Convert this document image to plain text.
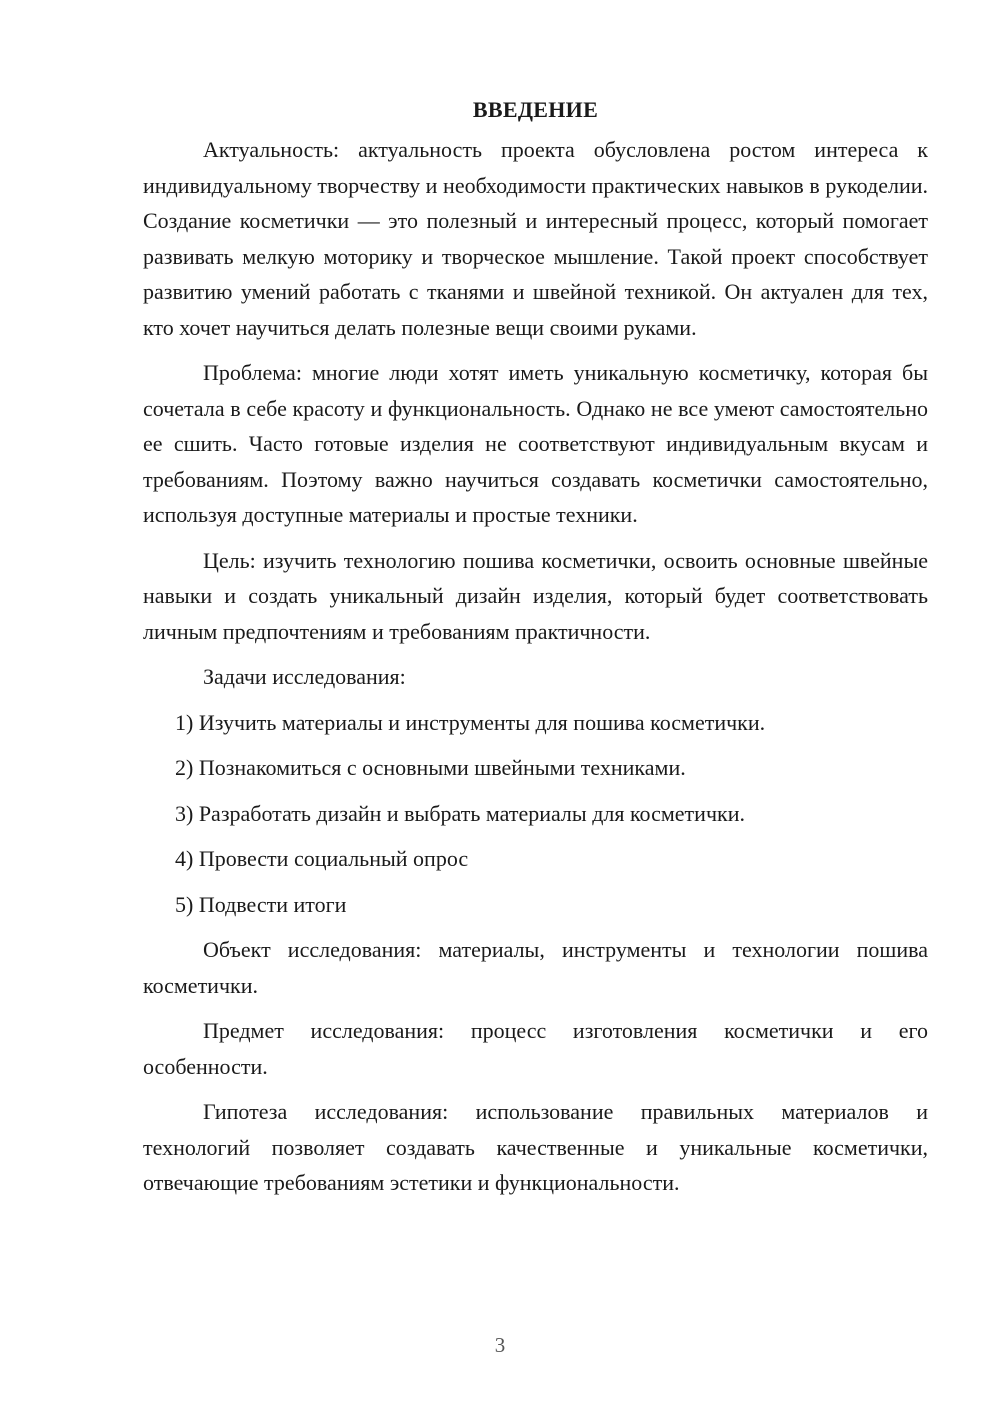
ВВЕДЕНИЕ

Актуальность: актуальность проекта обусловлена ростом интереса к индивидуальному творчеству и необходимости практических навыков в рукоделии. Создание косметички — это полезный и интересный процесс, который помогает развивать мелкую моторику и творческое мышление. Такой проект способствует развитию умений работать с тканями и швейной техникой. Он актуален для тех, кто хочет научиться делать полезные вещи своими руками.

Проблема: многие люди хотят иметь уникальную косметичку, которая бы сочетала в себе красоту и функциональность. Однако не все умеют самостоятельно ее сшить. Часто готовые изделия не соответствуют индивидуальным вкусам и требованиям. Поэтому важно научиться создавать косметички самостоятельно, используя доступные материалы и простые техники.

Цель: изучить технологию пошива косметички, освоить основные швейные навыки и создать уникальный дизайн изделия, который будет соответствовать личным предпочтениям и требованиям практичности.

Задачи исследования:
1) Изучить материалы и инструменты для пошива косметички.
2) Познакомиться с основными швейными техниками.
3) Разработать дизайн и выбрать материалы для косметички.
4) Провести социальный опрос
5) Подвести итоги

Объект исследования: материалы, инструменты и технологии пошива косметички.

Предмет исследования: процесс изготовления косметички и его особенности.

Гипотеза исследования: использование правильных материалов и технологий позволяет создавать качественные и уникальные косметички, отвечающие требованиям эстетики и функциональности.

3
